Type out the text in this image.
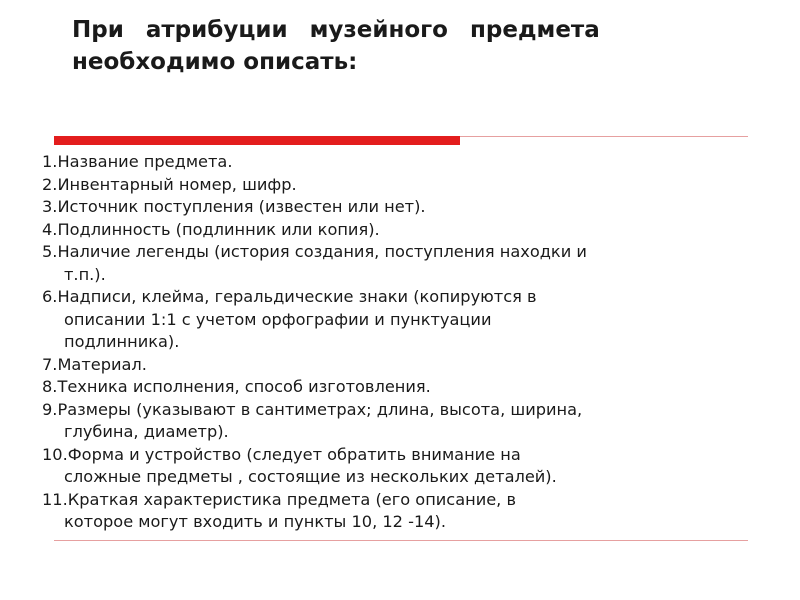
При атрибуции музейного предмета
необходимо описать:
1.Название предмета.
2.Инвентарный номер, шифр.
3.Источник поступления (известен или нет).
4.Подлинность (подлинник или копия).
5.Наличие легенды (история создания, поступления находки и
т.п.).
6.Надписи, клейма, геральдические знаки (копируются в
описании 1:1 с учетом орфографии и пунктуации
подлинника).
7.Материал.
8.Техника исполнения, способ изготовления.
9.Размеры (указывают в сантиметрах; длина, высота, ширина,
глубина, диаметр).
10.Форма и устройство (следует обратить внимание на
сложные предметы , состоящие из нескольких деталей).
11.Краткая характеристика предмета (его описание, в
которое могут входить и пункты 10, 12 -14).
